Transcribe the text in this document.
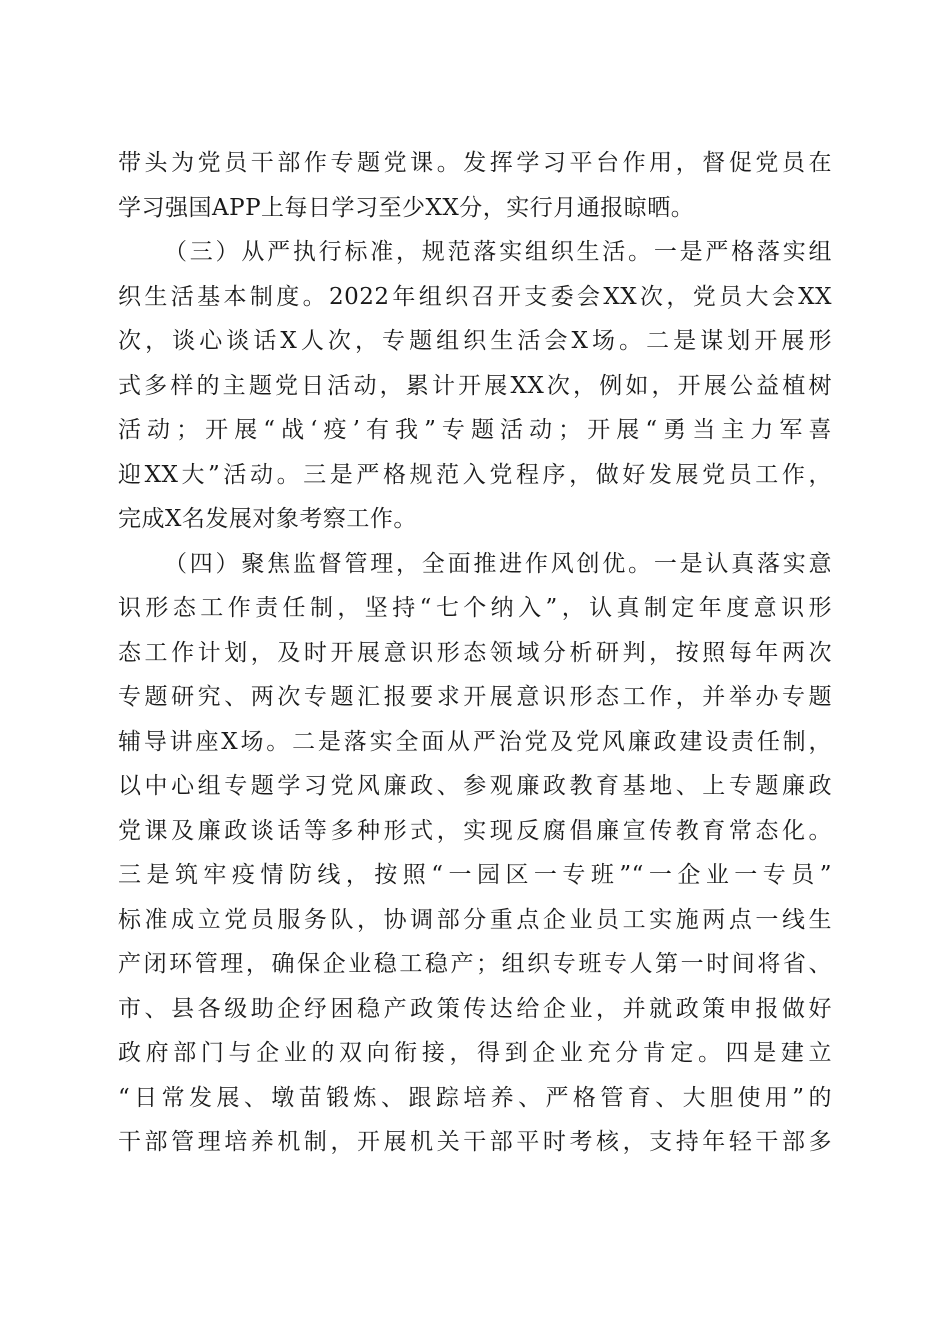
带头为党员干部作专题党课。发挥学习平台作用，督促党员在
学习强国APP上每日学习至少XX分，实行月通报晾晒。
（三）从严执行标准，规范落实组织生活。一是严格落实组
织生活基本制度。2022年组织召开支委会XX次，党员大会XX
次，谈心谈话X人次，专题组织生活会X场。二是谋划开展形
式多样的主题党日活动，累计开展XX次，例如，开展公益植树
活动；开展“战‘疫’有我”专题活动；开展“勇当主力军喜
迎XX大”活动。三是严格规范入党程序，做好发展党员工作，
完成X名发展对象考察工作。
（四）聚焦监督管理，全面推进作风创优。一是认真落实意
识形态工作责任制，坚持“七个纳入”，认真制定年度意识形
态工作计划，及时开展意识形态领域分析研判，按照每年两次
专题研究、两次专题汇报要求开展意识形态工作，并举办专题
辅导讲座X场。二是落实全面从严治党及党风廉政建设责任制，
以中心组专题学习党风廉政、参观廉政教育基地、上专题廉政
党课及廉政谈话等多种形式，实现反腐倡廉宣传教育常态化。
三是筑牢疫情防线，按照“一园区一专班”“一企业一专员”
标准成立党员服务队，协调部分重点企业员工实施两点一线生
产闭环管理，确保企业稳工稳产；组织专班专人第一时间将省、
市、县各级助企纾困稳产政策传达给企业，并就政策申报做好
政府部门与企业的双向衔接，得到企业充分肯定。四是建立
“日常发展、墩苗锻炼、跟踪培养、严格管育、大胆使用”的
干部管理培养机制，开展机关干部平时考核，支持年轻干部多
